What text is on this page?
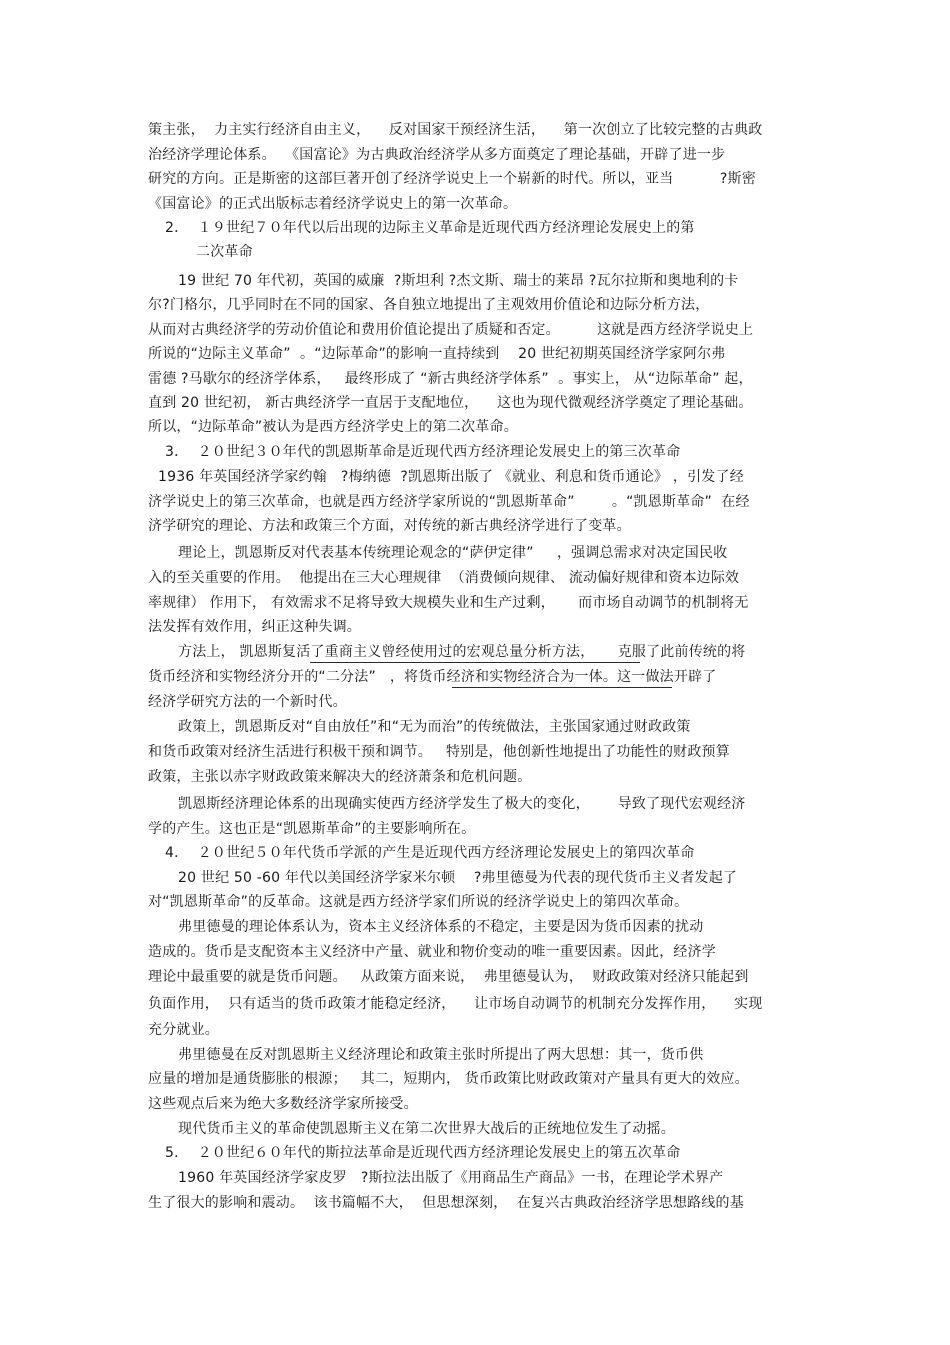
策主张，  力主实行经济自由主义，    反对国家干预经济生活，    第一次创立了比较完整的古典政
治经济学理论体系。  《国富论》为古典政治经济学从多方面奠定了理论基础，开辟了进一步
研究的方向。正是斯密的这部巨著开创了经济学说史上一个崭新的时代。所以，亚当          ?斯密
《国富论》的正式出版标志着经济学说史上的第一次革命。
2．  １９世纪７０年代以后出现的边际主义革命是近现代西方经济理论发展史上的第
二次革命
19 世纪 70 年代初，英国的威廉  ?斯坦利 ?杰文斯、瑞士的莱昂 ?瓦尔拉斯和奥地利的卡
尔?门格尔，几乎同时在不同的国家、各自独立地提出了主观效用价值论和边际分析方法，
从而对古典经济学的劳动价值论和费用价值论提出了质疑和否定。        这就是西方经济学说史上
所说的“边际主义革命”  。“边际革命”的影响一直持续到    20 世纪初期英国经济学家阿尔弗
雷德 ?马歇尔的经济学体系，   最终形成了 “新古典经济学体系”  。事实上， 从“边际革命” 起，
直到 20 世纪初， 新古典经济学一直居于支配地位，    这也为现代微观经济学奠定了理论基础。
所以，“边际革命”被认为是西方经济学史上的第二次革命。
3．  ２０世纪３０年代的凯恩斯革命是近现代西方经济理论发展史上的第三次革命
1936 年英国经济学家约翰   ?梅纳德  ?凯恩斯出版了 《就业、利息和货币通论》 ，引发了经
济学说史上的第三次革命，也就是西方经济学家所说的“凯恩斯革命”        。“凯恩斯革命”  在经
济学研究的理论、方法和政策三个方面，对传统的新古典经济学进行了变革。
理论上，凯恩斯反对代表基本传统理论观念的“萨伊定律”     ，强调总需求对决定国民收
入的至关重要的作用。  他提出在三大心理规律  （消费倾向规律、 流动偏好规律和资本边际效
率规律） 作用下， 有效需求不足将导致大规模失业和生产过剩，     而市场自动调节的机制将无
法发挥有效作用，纠正这种失调。
方法上， 凯恩斯复活了重商主义曾经使用过的宏观总量分析方法，     克服了此前传统的将
货币经济和实物经济分开的“二分法”   ，将货币经济和实物经济合为一体。这一做法开辟了
经济学研究方法的一个新时代。
政策上，凯恩斯反对“自由放任”和“无为而治”的传统做法，主张国家通过财政政策
和货币政策对经济生活进行积极干预和调节。   特别是，他创新性地提出了功能性的财政预算
政策，主张以赤字财政政策来解决大的经济萧条和危机问题。
凯恩斯经济理论体系的出现确实使西方经济学发生了极大的变化，      导致了现代宏观经济
学的产生。这也正是“凯恩斯革命”的主要影响所在。
4．  ２０世纪５０年代货币学派的产生是近现代西方经济理论发展史上的第四次革命
20 世纪 50 -60 年代以美国经济学家米尔顿    ?弗里德曼为代表的现代货币主义者发起了
对“凯恩斯革命”的反革命。这就是西方经济学家们所说的经济学说史上的第四次革命。
弗里德曼的理论体系认为，资本主义经济体系的不稳定，主要是因为货币因素的扰动
造成的。货币是支配资本主义经济中产量、就业和物价变动的唯一重要因素。因此，经济学
理论中最重要的就是货币问题。   从政策方面来说，  弗里德曼认为，  财政政策对经济只能起到
负面作用，  只有适当的货币政策才能稳定经济，    让市场自动调节的机制充分发挥作用，    实现
充分就业。
弗里德曼在反对凯恩斯主义经济理论和政策主张时所提出了两大思想：其一，货币供
应量的增加是通货膨胀的根源；   其二，短期内， 货币政策比财政政策对产量具有更大的效应。
这些观点后来为绝大多数经济学家所接受。
现代货币主义的革命使凯恩斯主义在第二次世界大战后的正统地位发生了动摇。
5．  ２０世纪６０年代的斯拉法革命是近现代西方经济理论发展史上的第五次革命
1960 年英国经济学家皮罗   ?斯拉法出版了《用商品生产商品》一书，在理论学术界产
生了很大的影响和震动。  该书篇幅不大，  但思想深刻，  在复兴古典政治经济学思想路线的基
